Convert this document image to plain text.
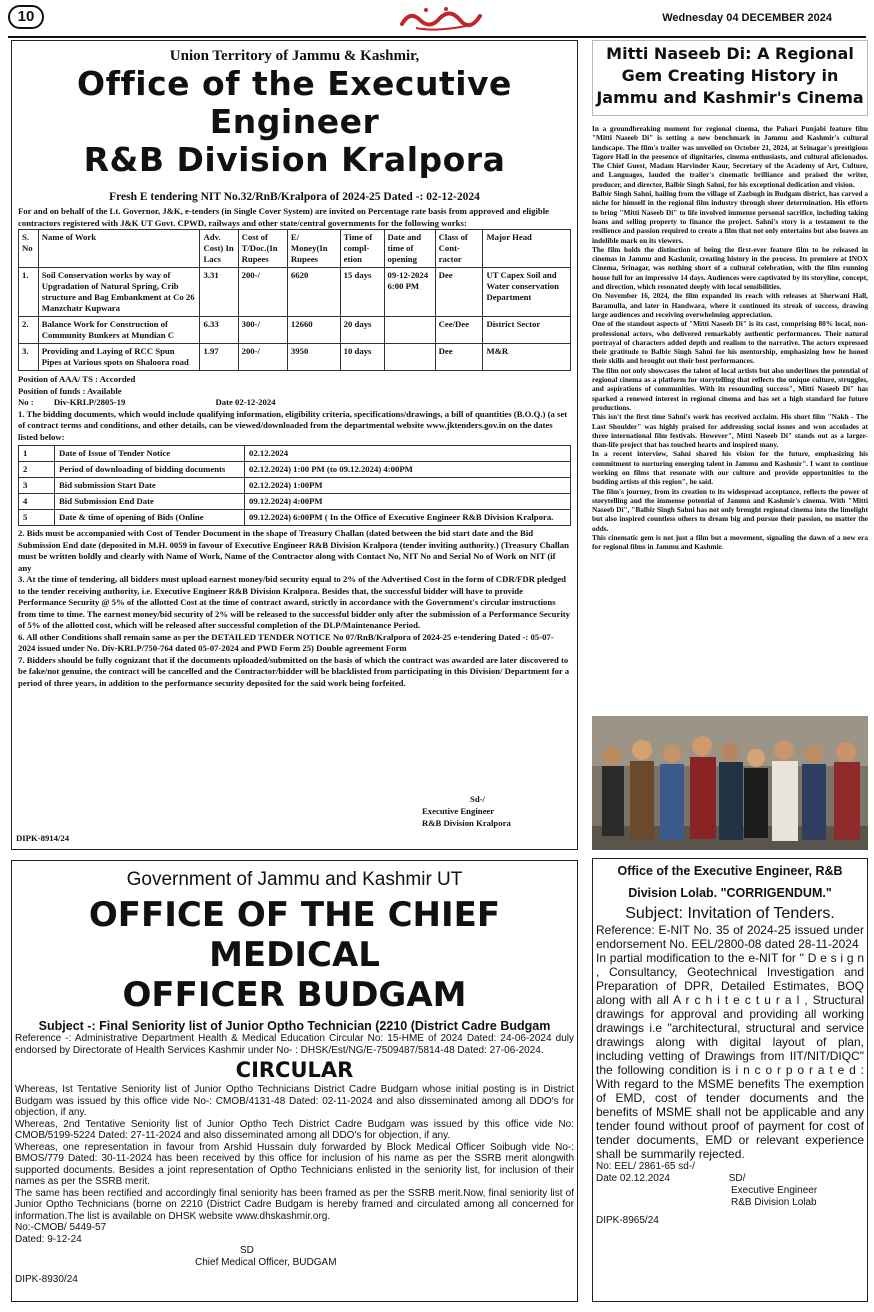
10	Wednesday 04 DECEMBER 2024
Union Territory of Jammu & Kashmir,
Office of the Executive Engineer
R&B Division Kralpora
Fresh E tendering NIT No.32/RnB/Kralpora of 2024-25 Dated -: 02-12-2024
For and on behalf of the Lt. Governor, J&K, e-tenders (in Single Cover System) are invited on Percentage rate basis from approved and eligible contractors registered with J&K UT Govt. CPWD, railways and other state/central governments for the following works:
S. No	Name of Work	Adv. Cost) In Lacs	Cost of T/Doc.(In Rupees	E/ Money(In Rupees	Time of compl-etion	Date and time of opening	Class of Cont-ractor	Major Head
1.	Soil Conservation works by way of Upgradation of Natural Spring, Crib structure and Bag Embankment at Co 26 Manzchatr Kupwara	3.31	200-/	6620	15 days	09-12-2024 6:00 PM	Dee	UT Capex Soil and Water conservation Department
2.	Balance Work for Construction of Community Bunkers at Mundian C	6.33	300-/	12660	20 days		Cee/Dee	District Sector
3.	Providing and Laying of RCC Spun Pipes at Various spots on Shaloora road	1.97	200-/	3950	10 days		Dee	M&R
Position of AAA/ TS : Accorded
Position of funds : Available
No : Div-KRLP/2805-19	Date 02-12-2024
1. The bidding documents, which would include qualifying information, eligibility criteria, specifications/drawings, a bill of quantities (B.O.Q.) (a set of contract terms and conditions, and other details, can be viewed/downloaded from the departmental website www.jktenders.gov.in on the dates listed below:
1	Date of Issue of Tender Notice	02.12.2024
2	Period of downloading of bidding documents	02.12.2024) 1:00 PM (to 09.12.2024) 4:00PM
3	Bid submission Start Date	02.12.2024) 1:00PM
4	Bid Submission End Date	09.12.2024) 4:00PM
5	Date & time of opening of Bids (Online	09.12.2024) 6:00PM ( In the Office of Executive Engineer R&B Division Kralpora.
2. Bids must be accompanied with Cost of Tender Document in the shape of Treasury Challan (dated between the bid start date and the Bid Submission End date (deposited in M.H. 0059 in favour of Executive Engineer R&B Division Kralpora (tender inviting authority.) (Treasury Challan must be written boldly and clearly with Name of Work, Name of the Contractor along with Contact No, NIT No and Serial No of Work on NIT (if any
3. At the time of tendering, all bidders must upload earnest money/bid security equal to 2% of the Advertised Cost in the form of CDR/FDR pledged to the tender receiving authority, i.e. Executive Engineer R&B Division Kralpora. Besides that, the successful bidder will have to provide Performance Security @ 5% of the allotted Cost at the time of contract award, strictly in accordance with the Government's circular instructions from time to time. The earnest money/bid security of 2% will be released to the successful bidder only after the submission of a Performance Security of 5% of the allotted cost, which will be released after successful completion of the DLP/Maintenance Period.
6. All other Conditions shall remain same as per the DETAILED TENDER NOTICE No 07/RnB/Kralpora of 2024-25 e-tendering Dated -: 05-07-2024 issued under No. Div-KRLP/750-764 dated 05-07-2024 and PWD Form 25) Double agreement Form
7. Bidders should be fully cognizant that if the documents uploaded/submitted on the basis of which the contract was awarded are later discovered to be fake/not genuine, the contract will be cancelled and the Contractor/bidder will be blacklisted from participating in this Division/ Department for a period of three years, in addition to the performance security deposited for the said work being forfeited.
Sd-/
Executive Engineer
R&B Division Kralpora
DIPK-8914/24
Mitti Naseeb Di: A Regional Gem Creating History in Jammu and Kashmir's Cinema
In a groundbreaking moment for regional cinema, the Pahari Punjabi feature film "Mitti Naseeb Di" is setting a new benchmark in Jammu and Kashmir's cultural landscape. The film's trailer was unveiled on October 21, 2024, at Srinagar's prestigious Tagore Hall in the presence of dignitaries, cinema enthusiasts, and cultural aficionados. The Chief Guest, Madam Harvinder Kaur, Secretary of the Academy of Art, Culture, and Languages, lauded the trailer's cinematic brilliance and praised the writer, producer, and director, Balbir Singh Sahni, for his exceptional dedication and vision.
Balbir Singh Sahni, hailing from the village of Zazbugh in Budgam district, has carved a niche for himself in the regional film industry through sheer determination. His efforts to bring "Mitti Naseeb Di" to life involved immense personal sacrifice, including taking loans and selling property to finance the project. Sahni's story is a testament to the resilience and passion required to create a film that not only entertains but also leaves an indelible mark on its viewers.
The film holds the distinction of being the first-ever feature film to be released in cinemas in Jammu and Kashmir, creating history in the process. Its premiere at INOX Cinema, Srinagar, was nothing short of a cultural celebration, with the film running house full for an impressive 14 days. Audiences were captivated by its storyline, concept, and direction, which resonated deeply with local sensibilities.
On November 16, 2024, the film expanded its reach with releases at Sherwani Hall, Baramulla, and later in Handwara, where it continued its streak of success, drawing large audiences and receiving overwhelming appreciation.
One of the standout aspects of "Mitti Naseeb Di" is its cast, comprising 80% local, non-professional actors, who delivered remarkably authentic performances. Their natural portrayal of characters added depth and realism to the narrative. The actors expressed their gratitude to Balbir Singh Sahni for his mentorship, emphasizing how he honed their skills and brought out their best performances.
The film not only showcases the talent of local artists but also underlines the potential of regional cinema as a platform for storytelling that reflects the unique culture, struggles, and aspirations of communities. With its resounding success", Mitti Naseeb Di" has sparked a renewed interest in regional cinema and has set a high standard for future productions.
This isn't the first time Sahni's work has received acclaim. His short film "Nakh - The Last Shoulder" was highly praised for addressing social issues and won accolades at three international film festivals. However", Mitti Naseeb Di" stands out as a larger-than-life project that has touched hearts and inspired many.
In a recent interview, Sahni shared his vision for the future, emphasizing his commitment to nurturing emerging talent in Jammu and Kashmir". I want to continue working on films that resonate with our culture and provide opportunities to the budding artists of this region", he said.
The film's journey, from its creation to its widespread acceptance, reflects the power of storytelling and the immense potential of Jammu and Kashmir's cinema. With "Mitti Naseeb Di", "Balbir Singh Sahni has not only brought regional cinema into the limelight but also inspired countless others to dream big and pursue their passion, no matter the odds.
This cinematic gem is not just a film but a movement, signaling the dawn of a new era for regional films in Jammu and Kashmir.
Government of Jammu and Kashmir UT
OFFICE OF THE CHIEF MEDICAL
OFFICER BUDGAM
Subject -: Final Seniority list of Junior Optho Technician (2210 (District Cadre Budgam
Reference -: Administrative Department Health & Medical Education Circular No: 15-HME of 2024 Dated: 24-06-2024 duly endorsed by Directorate of Health Services Kashmir under No- : DHSK/Est/NG/E-7509487/5814-48 Dated: 27-06-2024.
CIRCULAR
Whereas, Ist Tentative Seniority list of Junior Optho Technicians District Cadre Budgam whose initial posting is in District Budgam was issued by this office vide No-: CMOB/4131-48 Dated: 02-11-2024 and also disseminated among all DDO's for objection, if any.
Whereas, 2nd Tentative Seniority list of Junior Optho Tech District Cadre Budgam was issued by this office vide No: CMOB/5199-5224 Dated: 27-11-2024 and also disseminated among all DDO's for objection, if any.
Whereas, one representation in favour from Arshid Hussain duly forwarded by Block Medical Officer Soibugh vide No-: BMOS/779 Dated: 30-11-2024 has been received by this office for inclusion of his name as per the SSRB merit alongwith supported documents. Besides a joint representation of Optho Technicians enlisted in the seniority list, for inclusion of their names as per the SSRB merit.
The same has been rectified and accordingly final seniority has been framed as per the SSRB merit.Now, final seniority list of Junior Optho Technicians (borne on 2210 (District Cadre Budgam is hereby framed and circulated among all concerned for information.The list is available on DHSK website www.dhskashmir.org.
No:-CMOB/ 5449-57
Dated: 9-12-24
SD
Chief Medical Officer, BUDGAM
DIPK-8930/24
Office of the Executive Engineer, R&B
Division Lolab. "CORRIGENDUM."
Subject: Invitation of Tenders.
Reference: E-NIT No. 35 of 2024-25 issued under endorsement No. EEL/2800-08 dated 28-11-2024
In partial modification to the e-NIT for " D e s i g n , Consultancy, Geotechnical Investigation and Preparation of DPR, Detailed Estimates, BOQ along with all A r c h i t e c t u r a l , Structural drawings for approval and providing all working drawings i.e "architectural, structural and service drawings along with digital layout of plan, including vetting of Drawings from IIT/NIT/DIQC" the following condition is i n c o r p o r a t e d : With regard to the MSME benefits The exemption of EMD, cost of tender documents and the benefits of MSME shall not be applicable and any tender found without proof of payment for cost of tender documents, EMD or relevant experience shall be summarily rejected.
No: EEL/ 2861-65 sd-/
Date 02.12.2024	SD/
Executive Engineer
R&B Division Lolab
DIPK-8965/24
